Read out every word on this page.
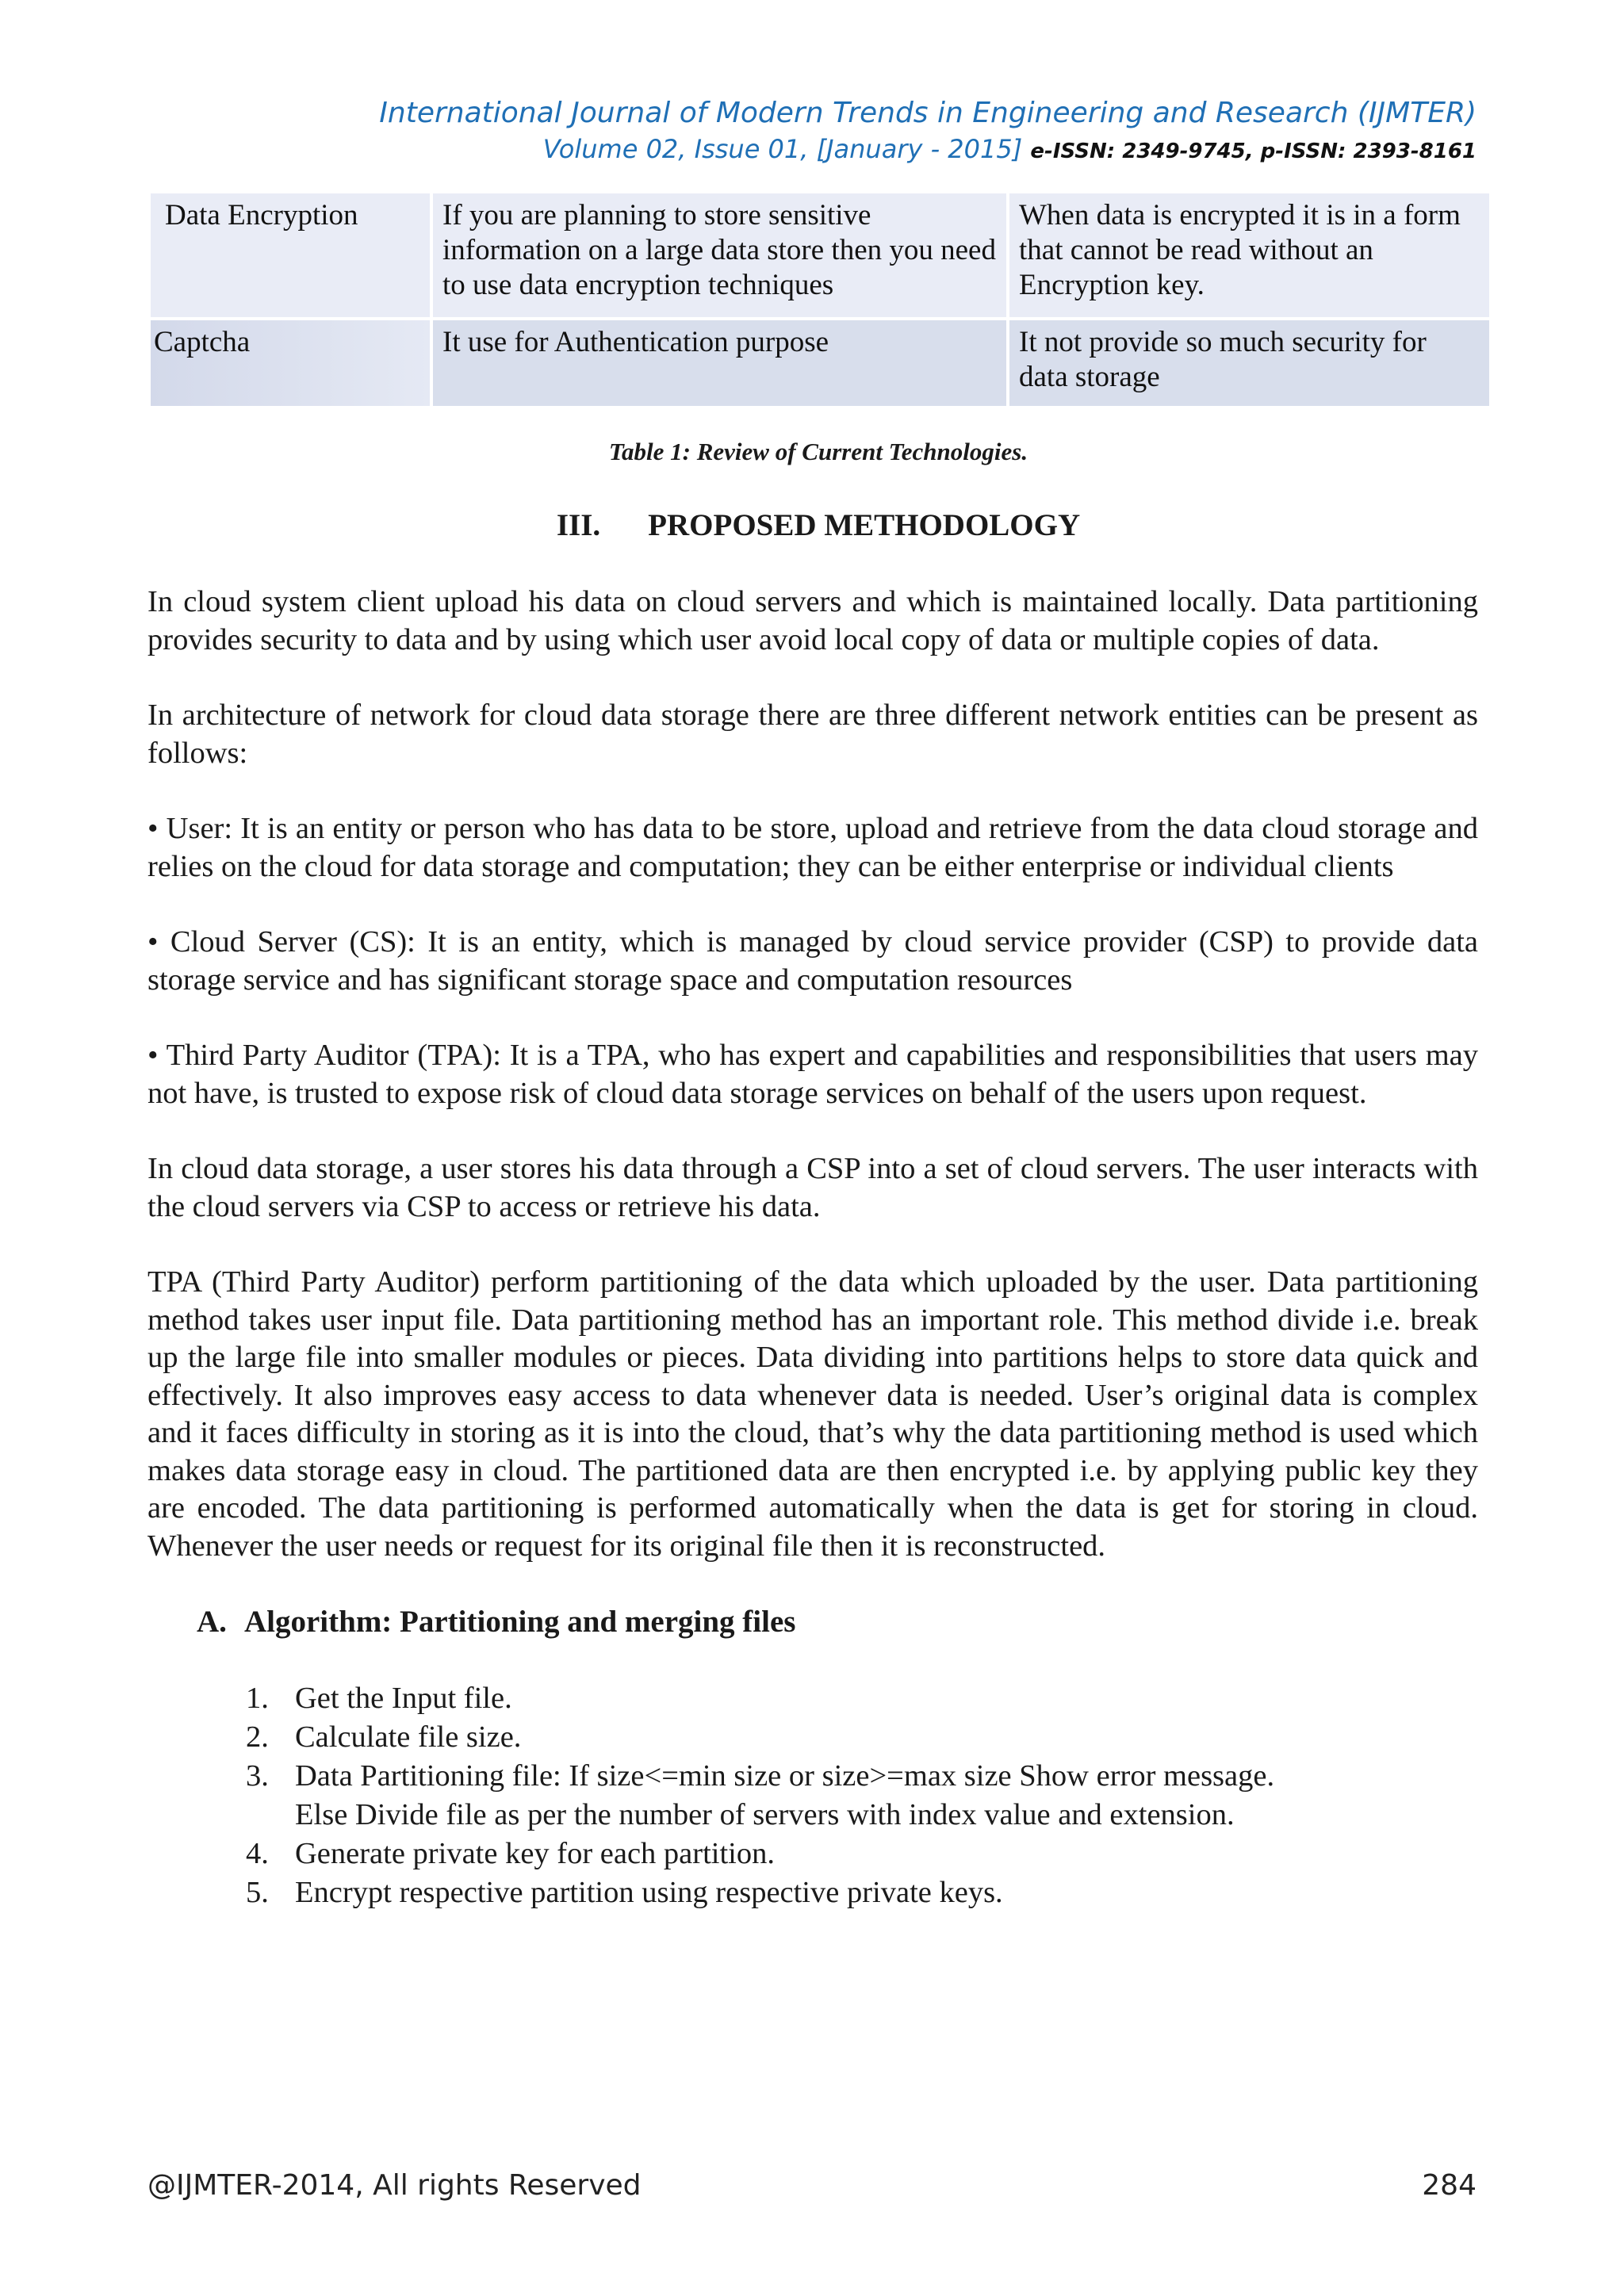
International Journal of Modern Trends in Engineering and Research (IJMTER)
Volume 02, Issue 01, [January - 2015] e-ISSN: 2349-9745, p-ISSN: 2393-8161
Data Encryption	If you are planning to store sensitive information on a large data store then you need to use data encryption techniques	When data is encrypted it is in a form that cannot be read without an Encryption key.
Captcha	It use for Authentication purpose	It not provide so much security for data storage
Table 1: Review of Current Technologies.
III. PROPOSED METHODOLOGY

In cloud system client upload his data on cloud servers and which is maintained locally. Data partitioning provides security to data and by using which user avoid local copy of data or multiple copies of data.

In architecture of network for cloud data storage there are three different network entities can be present as follows:

• User: It is an entity or person who has data to be store, upload and retrieve from the data cloud storage and relies on the cloud for data storage and computation; they can be either enterprise or individual clients

• Cloud Server (CS): It is an entity, which is managed by cloud service provider (CSP) to provide data storage service and has significant storage space and computation resources

• Third Party Auditor (TPA): It is a TPA, who has expert and capabilities and responsibilities that users may not have, is trusted to expose risk of cloud data storage services on behalf of the users upon request.

In cloud data storage, a user stores his data through a CSP into a set of cloud servers. The user interacts with the cloud servers via CSP to access or retrieve his data.

TPA (Third Party Auditor) perform partitioning of the data which uploaded by the user. Data partitioning method takes user input file. Data partitioning method has an important role. This method divide i.e. break up the large file into smaller modules or pieces. Data dividing into partitions helps to store data quick and effectively. It also improves easy access to data whenever data is needed. User’s original data is complex and it faces difficulty in storing as it is into the cloud, that’s why the data partitioning method is used which makes data storage easy in cloud. The partitioned data are then encrypted i.e. by applying public key they are encoded. The data partitioning is performed automatically when the data is get for storing in cloud. Whenever the user needs or request for its original file then it is reconstructed.

A. Algorithm: Partitioning and merging files
1. Get the Input file.
2. Calculate file size.
3. Data Partitioning file: If size<=min size or size>=max size Show error message.
Else Divide file as per the number of servers with index value and extension.
4. Generate private key for each partition.
5. Encrypt respective partition using respective private keys.
@IJMTER-2014, All rights Reserved	284
